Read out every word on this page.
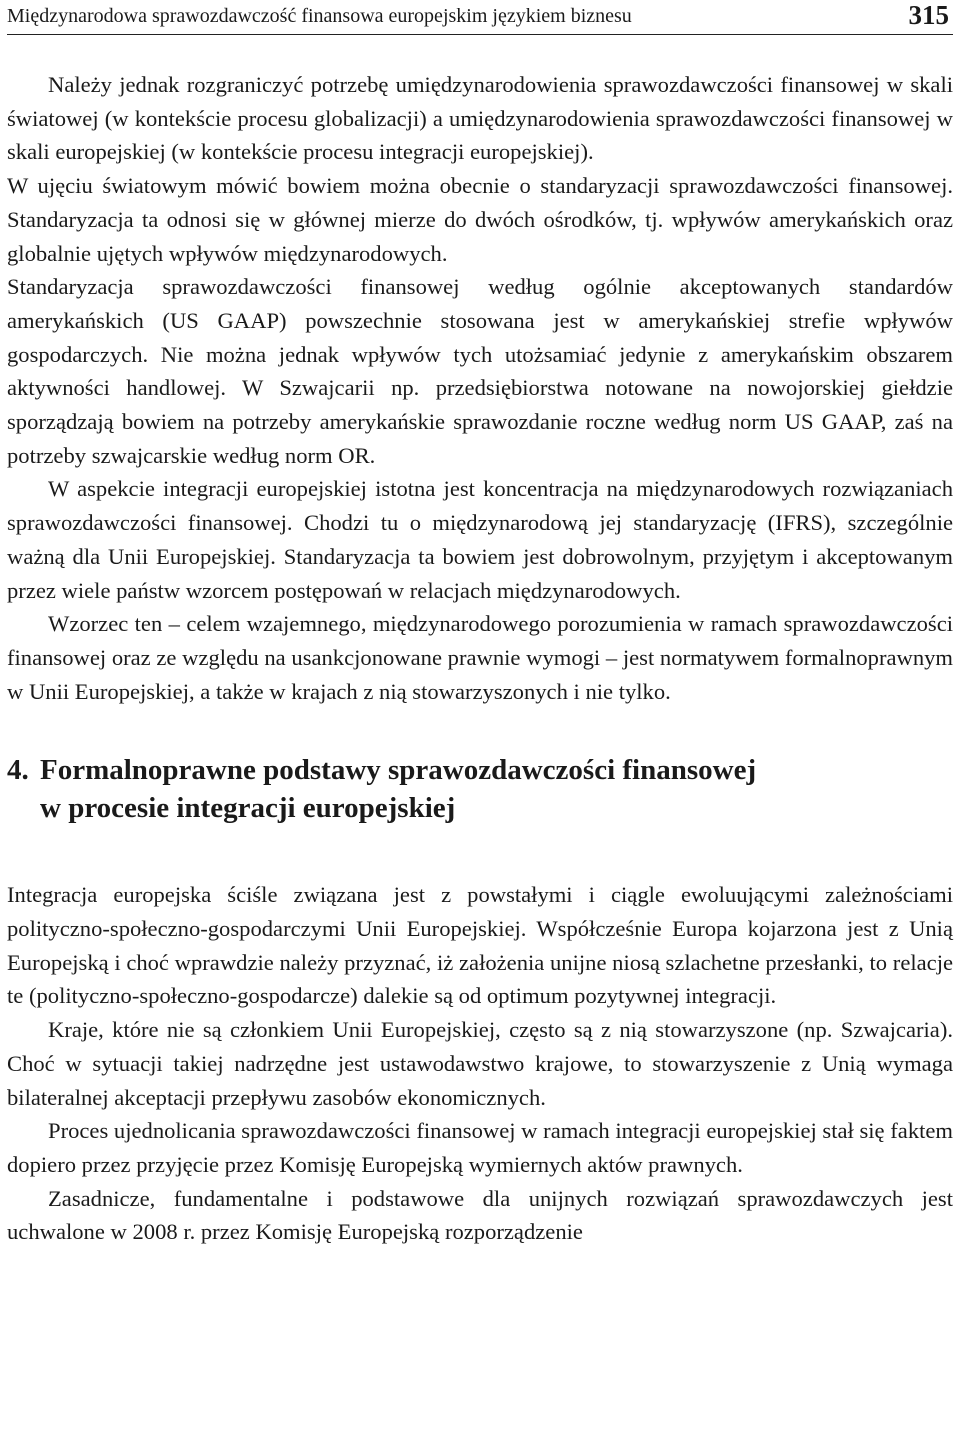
Międzynarodowa sprawozdawczość finansowa europejskim językiem biznesu	315

Należy jednak rozgraniczyć potrzebę umiędzynarodowienia sprawozdawczości finansowej w skali światowej (w kontekście procesu globalizacji) a umiędzynarodowienia sprawozdawczości finansowej w skali europejskiej (w kontekście procesu integracji europejskiej).

W ujęciu światowym mówić bowiem można obecnie o standaryzacji sprawozdawczości finansowej. Standaryzacja ta odnosi się w głównej mierze do dwóch ośrodków, tj. wpływów amerykańskich oraz globalnie ujętych wpływów międzynarodowych.

Standaryzacja sprawozdawczości finansowej według ogólnie akceptowanych standardów amerykańskich (US GAAP) powszechnie stosowana jest w amerykańskiej strefie wpływów gospodarczych. Nie można jednak wpływów tych utożsamiać jedynie z amerykańskim obszarem aktywności handlowej. W Szwajcarii np. przedsiębiorstwa notowane na nowojorskiej giełdzie sporządzają bowiem na potrzeby amerykańskie sprawozdanie roczne według norm US GAAP, zaś na potrzeby szwajcarskie według norm OR.

W aspekcie integracji europejskiej istotna jest koncentracja na międzynarodowych rozwiązaniach sprawozdawczości finansowej. Chodzi tu o międzynarodową jej standaryzację (IFRS), szczególnie ważną dla Unii Europejskiej. Standaryzacja ta bowiem jest dobrowolnym, przyjętym i akceptowanym przez wiele państw wzorcem postępowań w relacjach międzynarodowych.

Wzorzec ten – celem wzajemnego, międzynarodowego porozumienia w ramach sprawozdawczości finansowej oraz ze względu na usankcjonowane prawnie wymogi – jest normatywem formalnoprawnym w Unii Europejskiej, a także w krajach z nią stowarzyszonych i nie tylko.

4. Formalnoprawne podstawy sprawozdawczości finansowej
w procesie integracji europejskiej

Integracja europejska ściśle związana jest z powstałymi i ciągle ewoluującymi zależnościami polityczno-społeczno-gospodarczymi Unii Europejskiej. Współcześnie Europa kojarzona jest z Unią Europejską i choć wprawdzie należy przyznać, iż założenia unijne niosą szlachetne przesłanki, to relacje te (polityczno-społeczno-gospodarcze) dalekie są od optimum pozytywnej integracji.

Kraje, które nie są członkiem Unii Europejskiej, często są z nią stowarzyszone (np. Szwajcaria). Choć w sytuacji takiej nadrzędne jest ustawodawstwo krajowe, to stowarzyszenie z Unią wymaga bilateralnej akceptacji przepływu zasobów ekonomicznych.

Proces ujednolicania sprawozdawczości finansowej w ramach integracji europejskiej stał się faktem dopiero przez przyjęcie przez Komisję Europejską wymiernych aktów prawnych.

Zasadnicze, fundamentalne i podstawowe dla unijnych rozwiązań sprawozdawczych jest uchwalone w 2008 r. przez Komisję Europejską rozporządzenie
